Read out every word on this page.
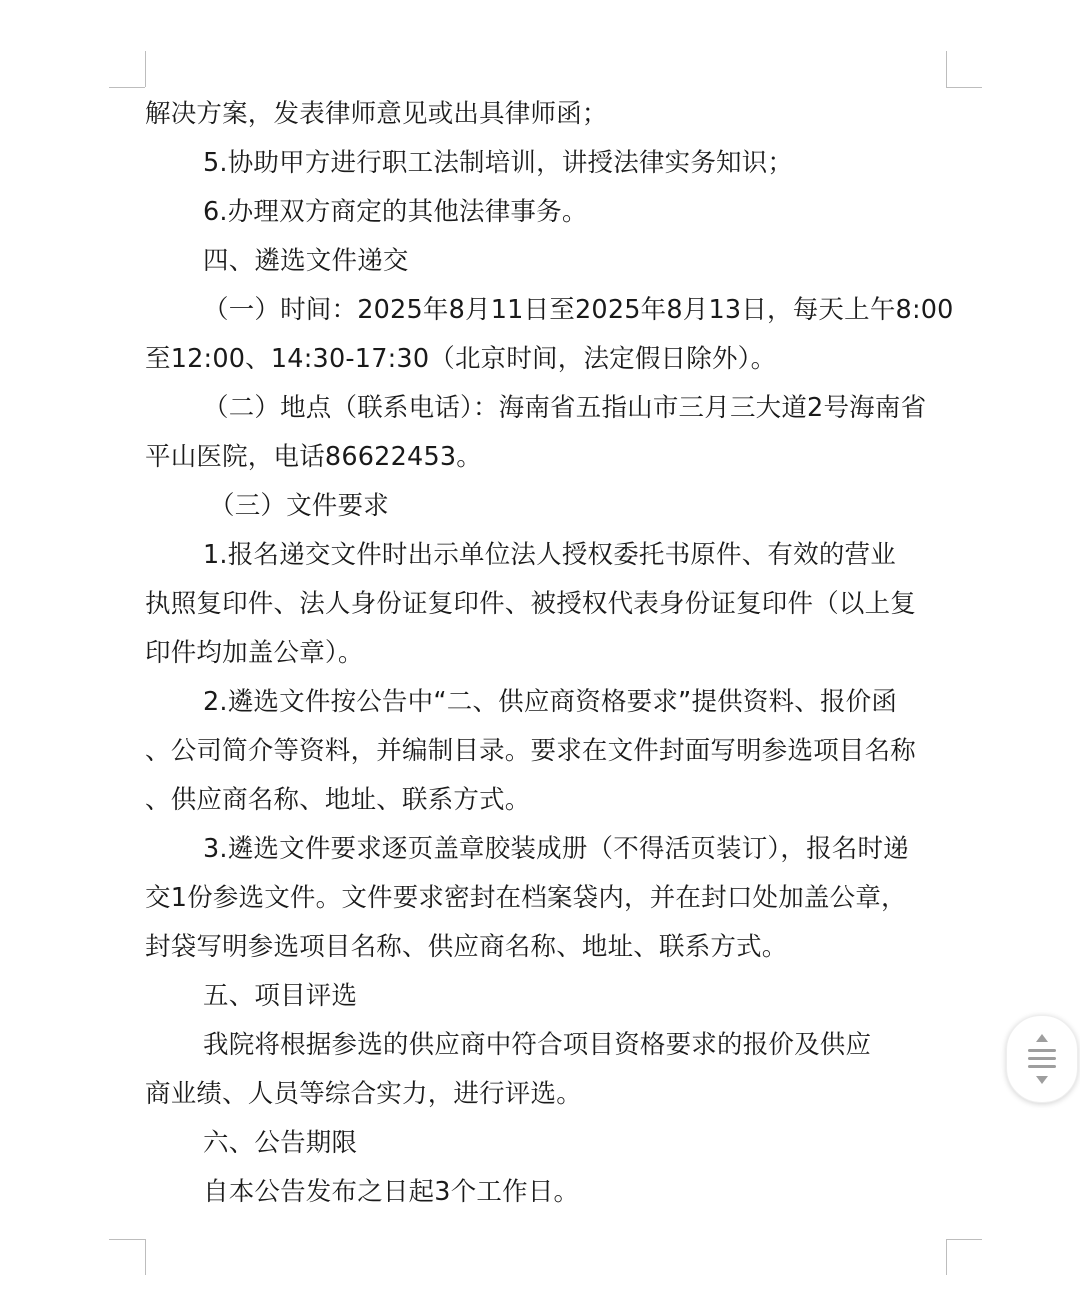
解决方案，发表律师意见或出具律师函；
5.协助甲方进行职工法制培训，讲授法律实务知识；
6.办理双方商定的其他法律事务。
四、遴选文件递交
（一）时间：2025年8月11日至2025年8月13日，每天上午8:00
至12:00、14:30-17:30（北京时间，法定假日除外）。
（二）地点（联系电话）：海南省五指山市三月三大道2号海南省
平山医院，电话86622453。
（三）文件要求
1.报名递交文件时出示单位法人授权委托书原件、有效的营业
执照复印件、法人身份证复印件、被授权代表身份证复印件（以上复
印件均加盖公章）。
2.遴选文件按公告中“二、供应商资格要求”提供资料、报价函
、公司简介等资料，并编制目录。要求在文件封面写明参选项目名称
、供应商名称、地址、联系方式。
3.遴选文件要求逐页盖章胶装成册（不得活页装订），报名时递
交1份参选文件。文件要求密封在档案袋内，并在封口处加盖公章，
封袋写明参选项目名称、供应商名称、地址、联系方式。
五、项目评选
我院将根据参选的供应商中符合项目资格要求的报价及供应
商业绩、人员等综合实力，进行评选。
六、公告期限
自本公告发布之日起3个工作日。
